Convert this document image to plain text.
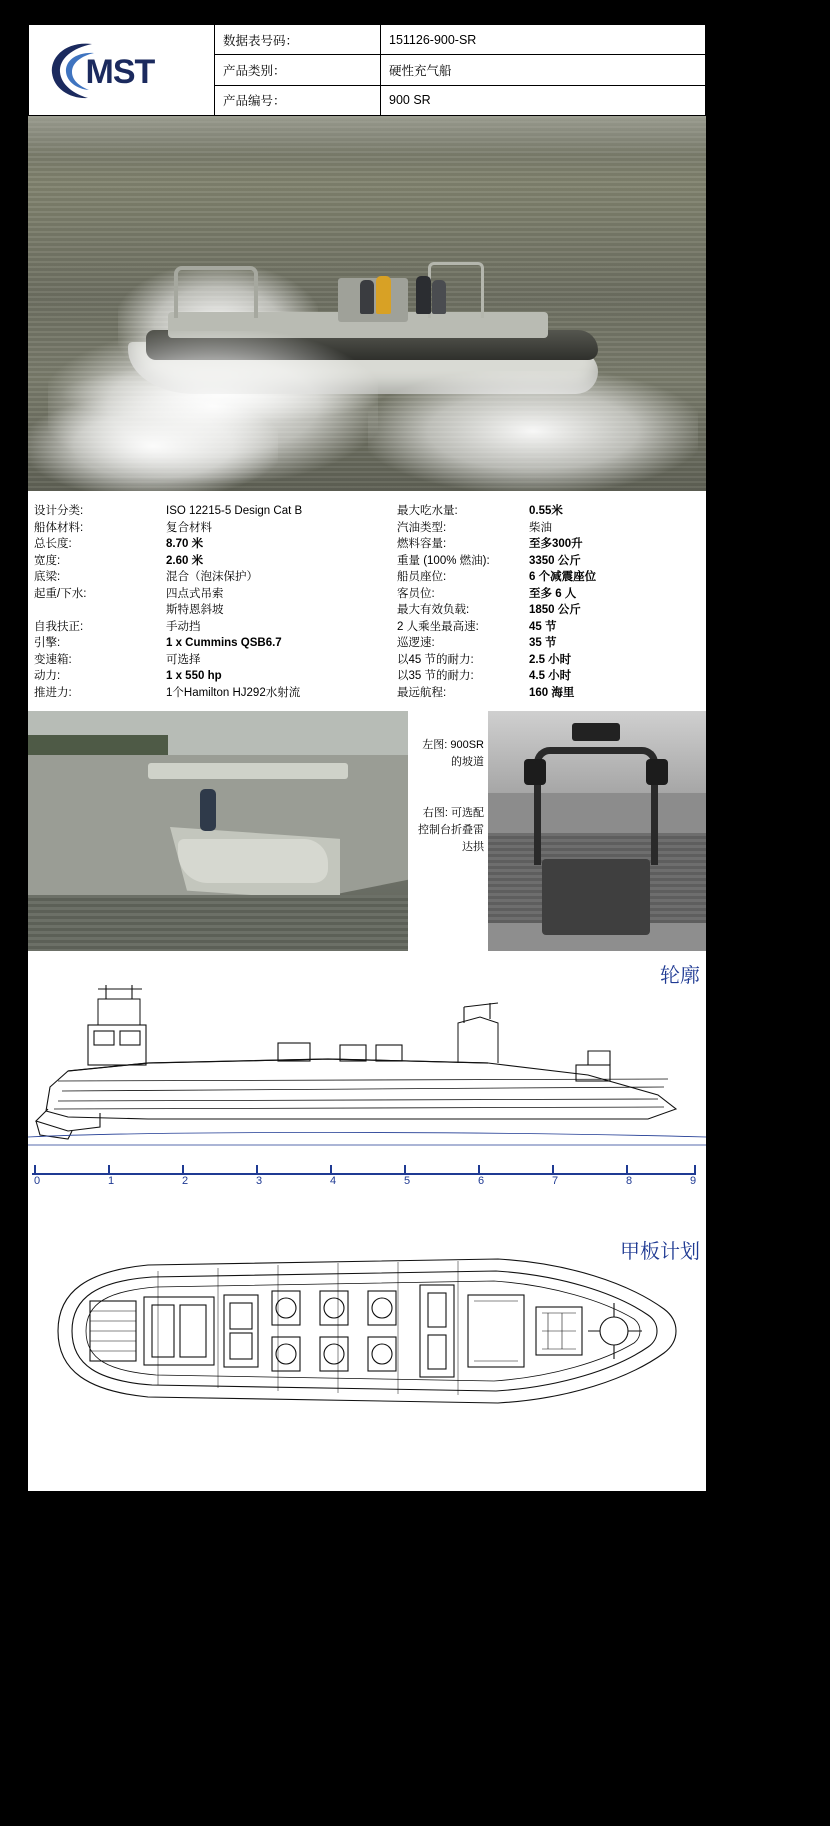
MST
数据表号码：	151126-900-SR
产品类别：	硬性充气船
产品编号：	900 SR
设计分类:	ISO 12215-5 Design Cat B
船体材料:	复合材料
总长度:	8.70 米
宽度:	2.60 米
底梁:	混合（泡沫保护）
起重/下水:	四点式吊索
斯特恩斜坡
自我扶正:	手动挡
引擎:	1 x Cummins QSB6.7
变速箱:	可选择
动力:	1 x 550 hp
推进力:	1个Hamilton HJ292水射流
最大吃水量:	0.55米
汽油类型:	柴油
燃料容量:	至多300升
重量 (100% 燃油):	3350 公斤
船员座位:	6 个减震座位
客员位:	至多 6 人
最大有效负载:	1850 公斤
2 人乘坐最高速:	45 节
巡逻速:	35 节
以45 节的耐力:	2.5 小时
以35 节的耐力:	4.5 小时
最远航程:	160 海里
左图: 900SR
的坡道
右图: 可选配
控制台折叠雷
达拱
轮廓
0	1	2	3	4	5	6	7	8	9
甲板计划
